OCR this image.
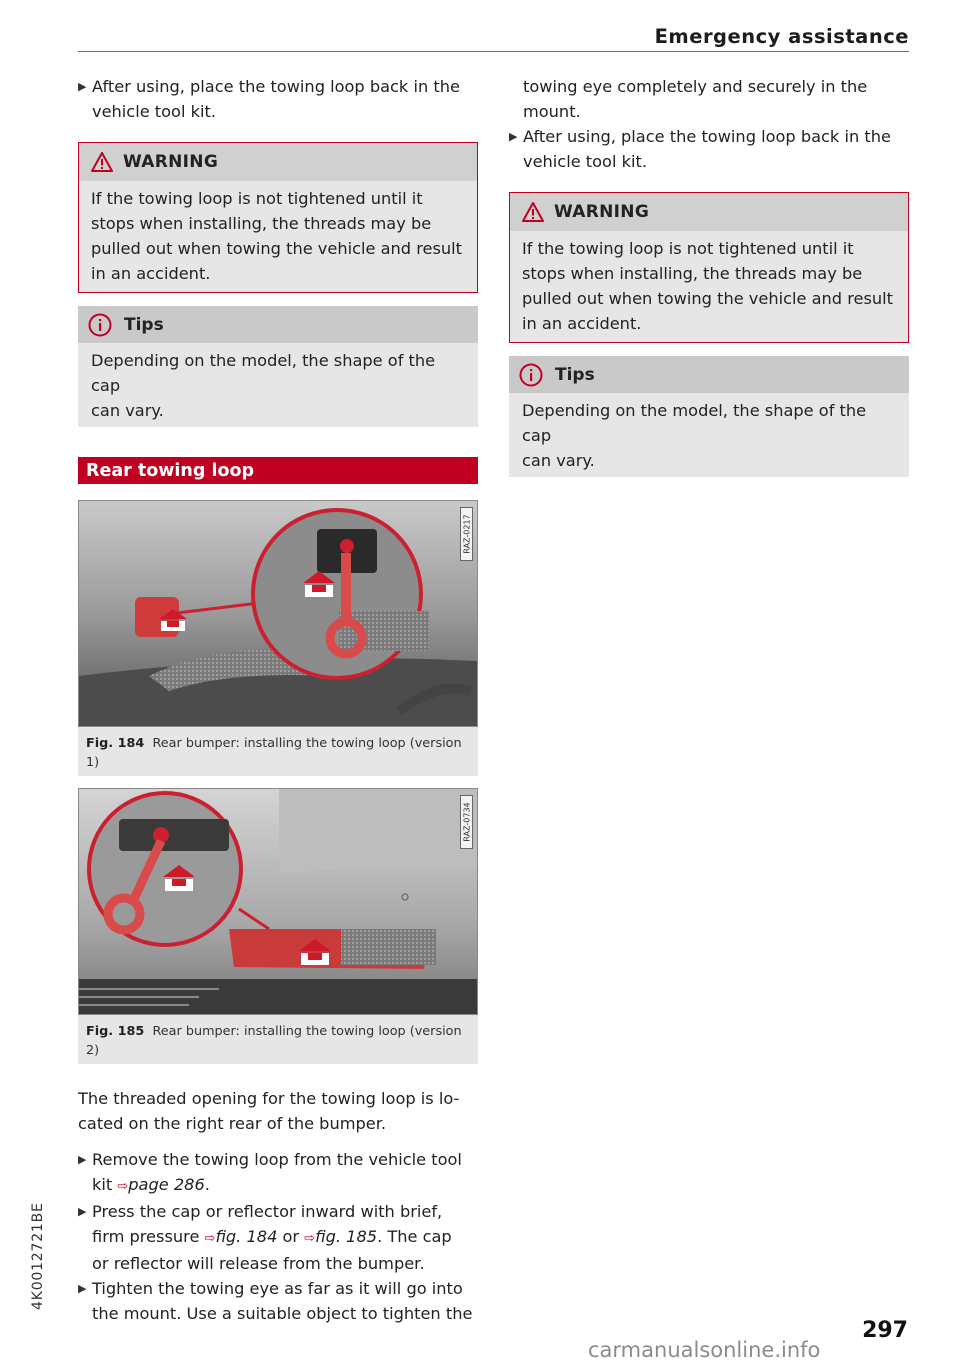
Emergency assistance
▶ After using, place the towing loop back in the
vehicle tool kit.
WARNING
If the towing loop is not tightened until it
stops when installing, the threads may be
pulled out when towing the vehicle and result
in an accident.
Tips
Depending on the model, the shape of the cap
can vary.
Rear towing loop
RAZ-0217
Fig. 184 Rear bumper: installing the towing loop (version
1)
RAZ-0734
Fig. 185 Rear bumper: installing the towing loop (version
2)
The threaded opening for the towing loop is lo-
cated on the right rear of the bumper.
▶ Remove the towing loop from the vehicle tool
kit ⇨page 286.
▶ Press the cap or reflector inward with brief,
firm pressure ⇨fig. 184 or ⇨fig. 185. The cap
or reflector will release from the bumper.
▶ Tighten the towing eye as far as it will go into
the mount. Use a suitable object to tighten the
towing eye completely and securely in the
mount.
▶ After using, place the towing loop back in the
vehicle tool kit.
WARNING
If the towing loop is not tightened until it
stops when installing, the threads may be
pulled out when towing the vehicle and result
in an accident.
Tips
Depending on the model, the shape of the cap
can vary.
4K0012721BE
297
carmanualsonline.info
